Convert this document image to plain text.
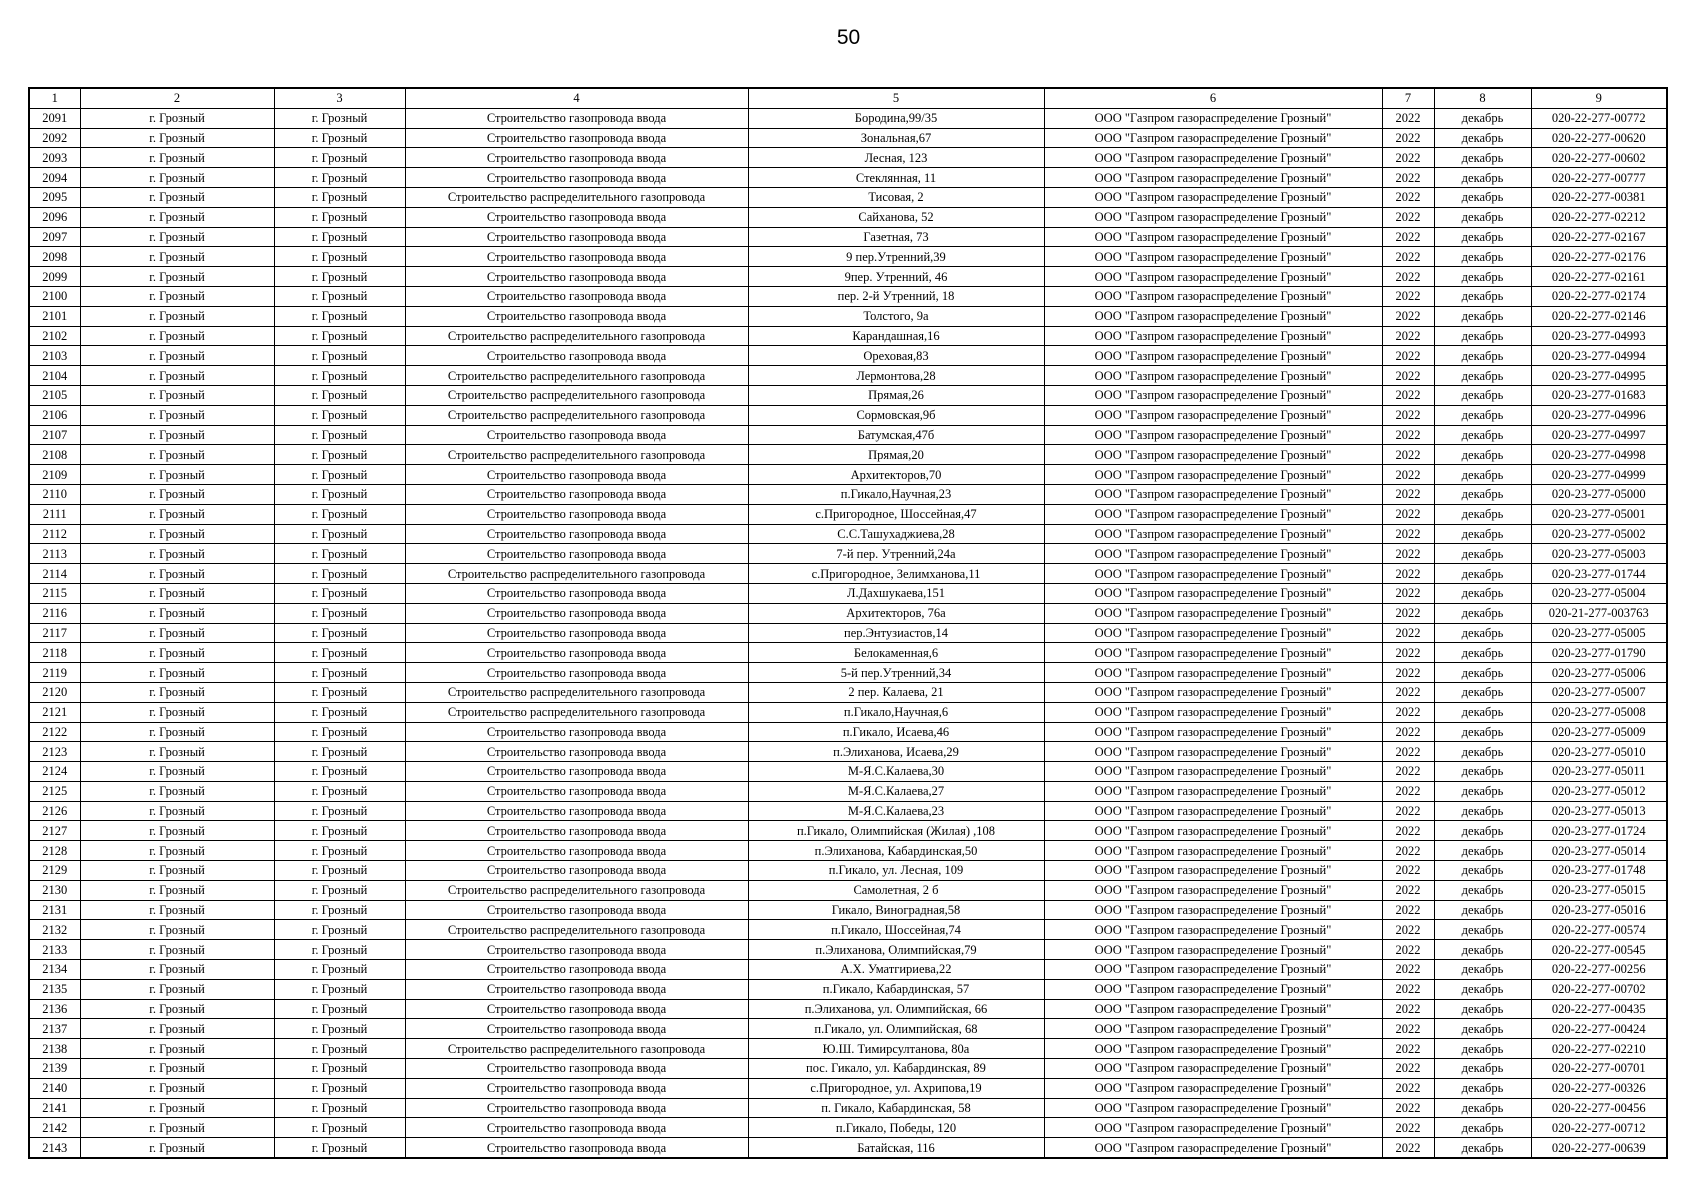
50
1	2	3	4	5	6	7	8	9
2091	г. Грозный	г. Грозный	Строительство газопровода ввода	Бородина,99/35	ООО "Газпром газораспределение Грозный"	2022	декабрь	020-22-277-00772
2092	г. Грозный	г. Грозный	Строительство газопровода ввода	Зональная,67	ООО "Газпром газораспределение Грозный"	2022	декабрь	020-22-277-00620
2093	г. Грозный	г. Грозный	Строительство газопровода ввода	Лесная, 123	ООО "Газпром газораспределение Грозный"	2022	декабрь	020-22-277-00602
2094	г. Грозный	г. Грозный	Строительство газопровода ввода	Стеклянная, 11	ООО "Газпром газораспределение Грозный"	2022	декабрь	020-22-277-00777
2095	г. Грозный	г. Грозный	Строительство распределительного газопровода	Тисовая, 2	ООО "Газпром газораспределение Грозный"	2022	декабрь	020-22-277-00381
2096	г. Грозный	г. Грозный	Строительство газопровода ввода	Сайханова, 52	ООО "Газпром газораспределение Грозный"	2022	декабрь	020-22-277-02212
2097	г. Грозный	г. Грозный	Строительство газопровода ввода	Газетная, 73	ООО "Газпром газораспределение Грозный"	2022	декабрь	020-22-277-02167
2098	г. Грозный	г. Грозный	Строительство газопровода ввода	9 пер.Утренний,39	ООО "Газпром газораспределение Грозный"	2022	декабрь	020-22-277-02176
2099	г. Грозный	г. Грозный	Строительство газопровода ввода	9пер. Утренний, 46	ООО "Газпром газораспределение Грозный"	2022	декабрь	020-22-277-02161
2100	г. Грозный	г. Грозный	Строительство газопровода ввода	пер. 2-й Утренний, 18	ООО "Газпром газораспределение Грозный"	2022	декабрь	020-22-277-02174
2101	г. Грозный	г. Грозный	Строительство газопровода ввода	Толстого, 9а	ООО "Газпром газораспределение Грозный"	2022	декабрь	020-22-277-02146
2102	г. Грозный	г. Грозный	Строительство распределительного газопровода	Карандашная,16	ООО "Газпром газораспределение Грозный"	2022	декабрь	020-23-277-04993
2103	г. Грозный	г. Грозный	Строительство газопровода ввода	Ореховая,83	ООО "Газпром газораспределение Грозный"	2022	декабрь	020-23-277-04994
2104	г. Грозный	г. Грозный	Строительство распределительного газопровода	Лермонтова,28	ООО "Газпром газораспределение Грозный"	2022	декабрь	020-23-277-04995
2105	г. Грозный	г. Грозный	Строительство распределительного газопровода	Прямая,26	ООО "Газпром газораспределение Грозный"	2022	декабрь	020-23-277-01683
2106	г. Грозный	г. Грозный	Строительство распределительного газопровода	Сормовская,9б	ООО "Газпром газораспределение Грозный"	2022	декабрь	020-23-277-04996
2107	г. Грозный	г. Грозный	Строительство газопровода ввода	Батумская,47б	ООО "Газпром газораспределение Грозный"	2022	декабрь	020-23-277-04997
2108	г. Грозный	г. Грозный	Строительство распределительного газопровода	Прямая,20	ООО "Газпром газораспределение Грозный"	2022	декабрь	020-23-277-04998
2109	г. Грозный	г. Грозный	Строительство газопровода ввода	Архитекторов,70	ООО "Газпром газораспределение Грозный"	2022	декабрь	020-23-277-04999
2110	г. Грозный	г. Грозный	Строительство газопровода ввода	п.Гикало,Научная,23	ООО "Газпром газораспределение Грозный"	2022	декабрь	020-23-277-05000
2111	г. Грозный	г. Грозный	Строительство газопровода ввода	с.Пригородное, Шоссейная,47	ООО "Газпром газораспределение Грозный"	2022	декабрь	020-23-277-05001
2112	г. Грозный	г. Грозный	Строительство газопровода ввода	С.С.Ташухаджиева,28	ООО "Газпром газораспределение Грозный"	2022	декабрь	020-23-277-05002
2113	г. Грозный	г. Грозный	Строительство газопровода ввода	7-й пер. Утренний,24а	ООО "Газпром газораспределение Грозный"	2022	декабрь	020-23-277-05003
2114	г. Грозный	г. Грозный	Строительство распределительного газопровода	с.Пригородное, Зелимханова,11	ООО "Газпром газораспределение Грозный"	2022	декабрь	020-23-277-01744
2115	г. Грозный	г. Грозный	Строительство газопровода ввода	Л.Дахшукаева,151	ООО "Газпром газораспределение Грозный"	2022	декабрь	020-23-277-05004
2116	г. Грозный	г. Грозный	Строительство газопровода ввода	Архитекторов, 76а	ООО "Газпром газораспределение Грозный"	2022	декабрь	020-21-277-003763
2117	г. Грозный	г. Грозный	Строительство газопровода ввода	пер.Энтузиастов,14	ООО "Газпром газораспределение Грозный"	2022	декабрь	020-23-277-05005
2118	г. Грозный	г. Грозный	Строительство газопровода ввода	Белокаменная,6	ООО "Газпром газораспределение Грозный"	2022	декабрь	020-23-277-01790
2119	г. Грозный	г. Грозный	Строительство газопровода ввода	5-й пер.Утренний,34	ООО "Газпром газораспределение Грозный"	2022	декабрь	020-23-277-05006
2120	г. Грозный	г. Грозный	Строительство распределительного газопровода	2 пер. Калаева, 21	ООО "Газпром газораспределение Грозный"	2022	декабрь	020-23-277-05007
2121	г. Грозный	г. Грозный	Строительство распределительного газопровода	п.Гикало,Научная,6	ООО "Газпром газораспределение Грозный"	2022	декабрь	020-23-277-05008
2122	г. Грозный	г. Грозный	Строительство газопровода ввода	п.Гикало, Исаева,46	ООО "Газпром газораспределение Грозный"	2022	декабрь	020-23-277-05009
2123	г. Грозный	г. Грозный	Строительство газопровода ввода	п.Элиханова, Исаева,29	ООО "Газпром газораспределение Грозный"	2022	декабрь	020-23-277-05010
2124	г. Грозный	г. Грозный	Строительство газопровода ввода	М-Я.С.Калаева,30	ООО "Газпром газораспределение Грозный"	2022	декабрь	020-23-277-05011
2125	г. Грозный	г. Грозный	Строительство газопровода ввода	М-Я.С.Калаева,27	ООО "Газпром газораспределение Грозный"	2022	декабрь	020-23-277-05012
2126	г. Грозный	г. Грозный	Строительство газопровода ввода	М-Я.С.Калаева,23	ООО "Газпром газораспределение Грозный"	2022	декабрь	020-23-277-05013
2127	г. Грозный	г. Грозный	Строительство газопровода ввода	п.Гикало, Олимпийская (Жилая) ,108	ООО "Газпром газораспределение Грозный"	2022	декабрь	020-23-277-01724
2128	г. Грозный	г. Грозный	Строительство газопровода ввода	п.Элиханова, Кабардинская,50	ООО "Газпром газораспределение Грозный"	2022	декабрь	020-23-277-05014
2129	г. Грозный	г. Грозный	Строительство газопровода ввода	п.Гикало, ул. Лесная, 109	ООО "Газпром газораспределение Грозный"	2022	декабрь	020-23-277-01748
2130	г. Грозный	г. Грозный	Строительство распределительного газопровода	Самолетная, 2 б	ООО "Газпром газораспределение Грозный"	2022	декабрь	020-23-277-05015
2131	г. Грозный	г. Грозный	Строительство газопровода ввода	Гикало, Виноградная,58	ООО "Газпром газораспределение Грозный"	2022	декабрь	020-23-277-05016
2132	г. Грозный	г. Грозный	Строительство распределительного газопровода	п.Гикало, Шоссейная,74	ООО "Газпром газораспределение Грозный"	2022	декабрь	020-22-277-00574
2133	г. Грозный	г. Грозный	Строительство газопровода ввода	п.Элиханова, Олимпийская,79	ООО "Газпром газораспределение Грозный"	2022	декабрь	020-22-277-00545
2134	г. Грозный	г. Грозный	Строительство газопровода ввода	А.Х. Уматгириева,22	ООО "Газпром газораспределение Грозный"	2022	декабрь	020-22-277-00256
2135	г. Грозный	г. Грозный	Строительство газопровода ввода	п.Гикало, Кабардинская, 57	ООО "Газпром газораспределение Грозный"	2022	декабрь	020-22-277-00702
2136	г. Грозный	г. Грозный	Строительство газопровода ввода	п.Элиханова, ул. Олимпийская, 66	ООО "Газпром газораспределение Грозный"	2022	декабрь	020-22-277-00435
2137	г. Грозный	г. Грозный	Строительство газопровода ввода	п.Гикало, ул. Олимпийская, 68	ООО "Газпром газораспределение Грозный"	2022	декабрь	020-22-277-00424
2138	г. Грозный	г. Грозный	Строительство распределительного газопровода	Ю.Ш. Тимирсултанова, 80а	ООО "Газпром газораспределение Грозный"	2022	декабрь	020-22-277-02210
2139	г. Грозный	г. Грозный	Строительство газопровода ввода	пос. Гикало, ул. Кабардинская, 89	ООО "Газпром газораспределение Грозный"	2022	декабрь	020-22-277-00701
2140	г. Грозный	г. Грозный	Строительство газопровода ввода	с.Пригородное, ул. Ахрипова,19	ООО "Газпром газораспределение Грозный"	2022	декабрь	020-22-277-00326
2141	г. Грозный	г. Грозный	Строительство газопровода ввода	п. Гикало, Кабардинская, 58	ООО "Газпром газораспределение Грозный"	2022	декабрь	020-22-277-00456
2142	г. Грозный	г. Грозный	Строительство газопровода ввода	п.Гикало, Победы, 120	ООО "Газпром газораспределение Грозный"	2022	декабрь	020-22-277-00712
2143	г. Грозный	г. Грозный	Строительство газопровода ввода	Батайская, 116	ООО "Газпром газораспределение Грозный"	2022	декабрь	020-22-277-00639
